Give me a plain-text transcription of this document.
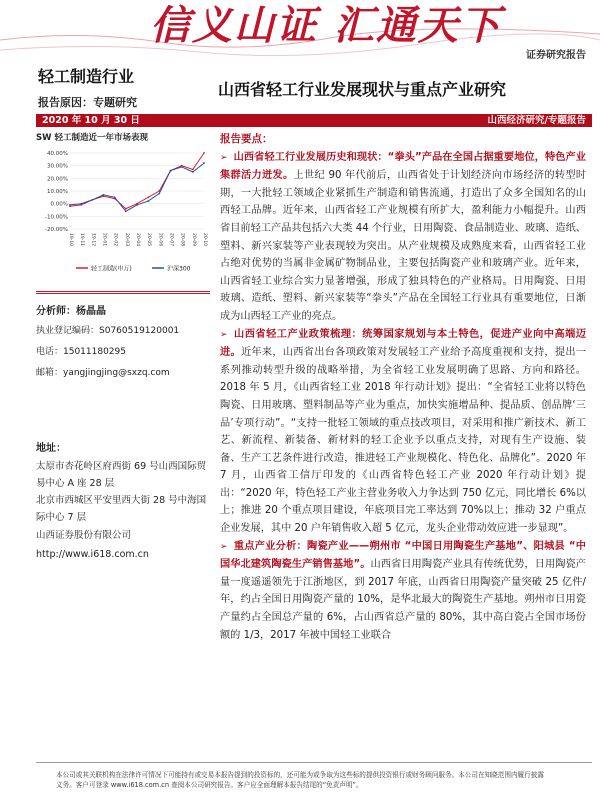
信义山证 汇通天下
证券研究报告
轻工制造行业
报告原因：专题研究
山西省轻工行业发展现状与重点产业研究
2020 年 10 月 30 日	山西经济研究/专题报告
SW 轻工制造近一年市场表现
40.00%
30.00%
20.00%
10.00%
0.00%
-10.00%
-20.00%
19-10 19-11 19-12 20-01 20-02 20-03 20-04 20-05 20-06 20-07 20-08 20-09 20-10
轻工制造(申万)	沪深300
分析师：杨晶晶
执业登记编码：S0760519120001
电话：15011180295
邮箱：yangjingjing@sxzq.com
地址：
太原市杏花岭区府西街 69 号山西国际贸易中心 A 座 28 层
北京市西城区平安里西大街 28 号中海国际中心 7 层
山西证券股份有限公司
http://www.i618.com.cn
报告要点：

➢ 山西省轻工行业发展历史和现状：“拳头”产品在全国占据重要地位，特色产业集群活力迸发。上世纪 90 年代前后，山西省处于计划经济向市场经济的转型时期，一大批轻工领域企业紧抓生产制造和销售流通，打造出了众多全国知名的山西轻工品牌。近年来，山西省轻工产业规模有所扩大，盈利能力小幅提升。山西省目前轻工产品共包括六大类 44 个行业，日用陶瓷、食品制造业、玻璃、造纸、塑料、新兴家装等产业表现较为突出。从产业规模及成熟度来看，山西省轻工业占绝对优势的当属非金属矿物制品业，主要包括陶瓷产业和玻璃产业。近年来，山西省轻工业综合实力显著增强，形成了独具特色的产业格局。日用陶瓷、日用玻璃、造纸、塑料、新兴家装等“拳头”产品在全国轻工行业具有重要地位，日渐成为山西轻工产业的亮点。

➢ 山西省轻工产业政策梳理：统筹国家规划与本土特色，促进产业向中高端迈进。近年来，山西省出台各项政策对发展轻工产业给予高度重视和支持，提出一系列推动转型升级的战略举措，为全省轻工业发展明确了思路、方向和路径。2018 年 5 月，《山西省轻工业 2018 年行动计划》提出：“全省轻工业将以特色陶瓷、日用玻璃、塑料制品等产业为重点，加快实施增品种、提品质、创品牌‘三品’专项行动”。“支持一批轻工领域的重点技改项目，对采用和推广新技术、新工艺、新流程、新装备、新材料的轻工企业予以重点支持，对现有生产设施、装备、生产工艺条件进行改造，推进轻工产业规模化、特色化、品牌化”。2020 年 7 月，山西省工信厅印发的《山西省特色轻工产业 2020 年行动计划》提出：“2020 年，特色轻工产业主营业务收入力争达到 750 亿元，同比增长 6%以上；推进 20 个重点项目建设，年底项目完工率达到 70%以上；推动 32 户重点企业发展，其中 20 户年销售收入超 5 亿元，龙头企业带动效应进一步显现”。

➢ 重点产业分析：陶瓷产业——朔州市 “中国日用陶瓷生产基地”、阳城县 “中国华北建筑陶瓷生产销售基地”。山西省日用陶瓷产业具有传统优势，日用陶瓷产量一度遥遥领先于江浙地区，到 2017 年底，山西省日用陶瓷产量突破 25 亿件/年，约占全国日用陶瓷产量的 10%，是华北最大的陶瓷生产基地。朔州市日用瓷产量约占全国总产量的 6%，占山西省总产量的 80%，其中高白瓷占全国市场份额的 1/3，2017 年被中国轻工业联合

本公司或其关联机构在法律许可情况下可能持有或交易本报告提到的投资标的，还可能为或争取为这些标的提供投资银行或财务顾问服务。本公司在知晓范围内履行披露义务。客户可登录 www.i618.com.cn 查阅本公司研究报告。客户应全面理解本报告结尾的“免责声明”。
